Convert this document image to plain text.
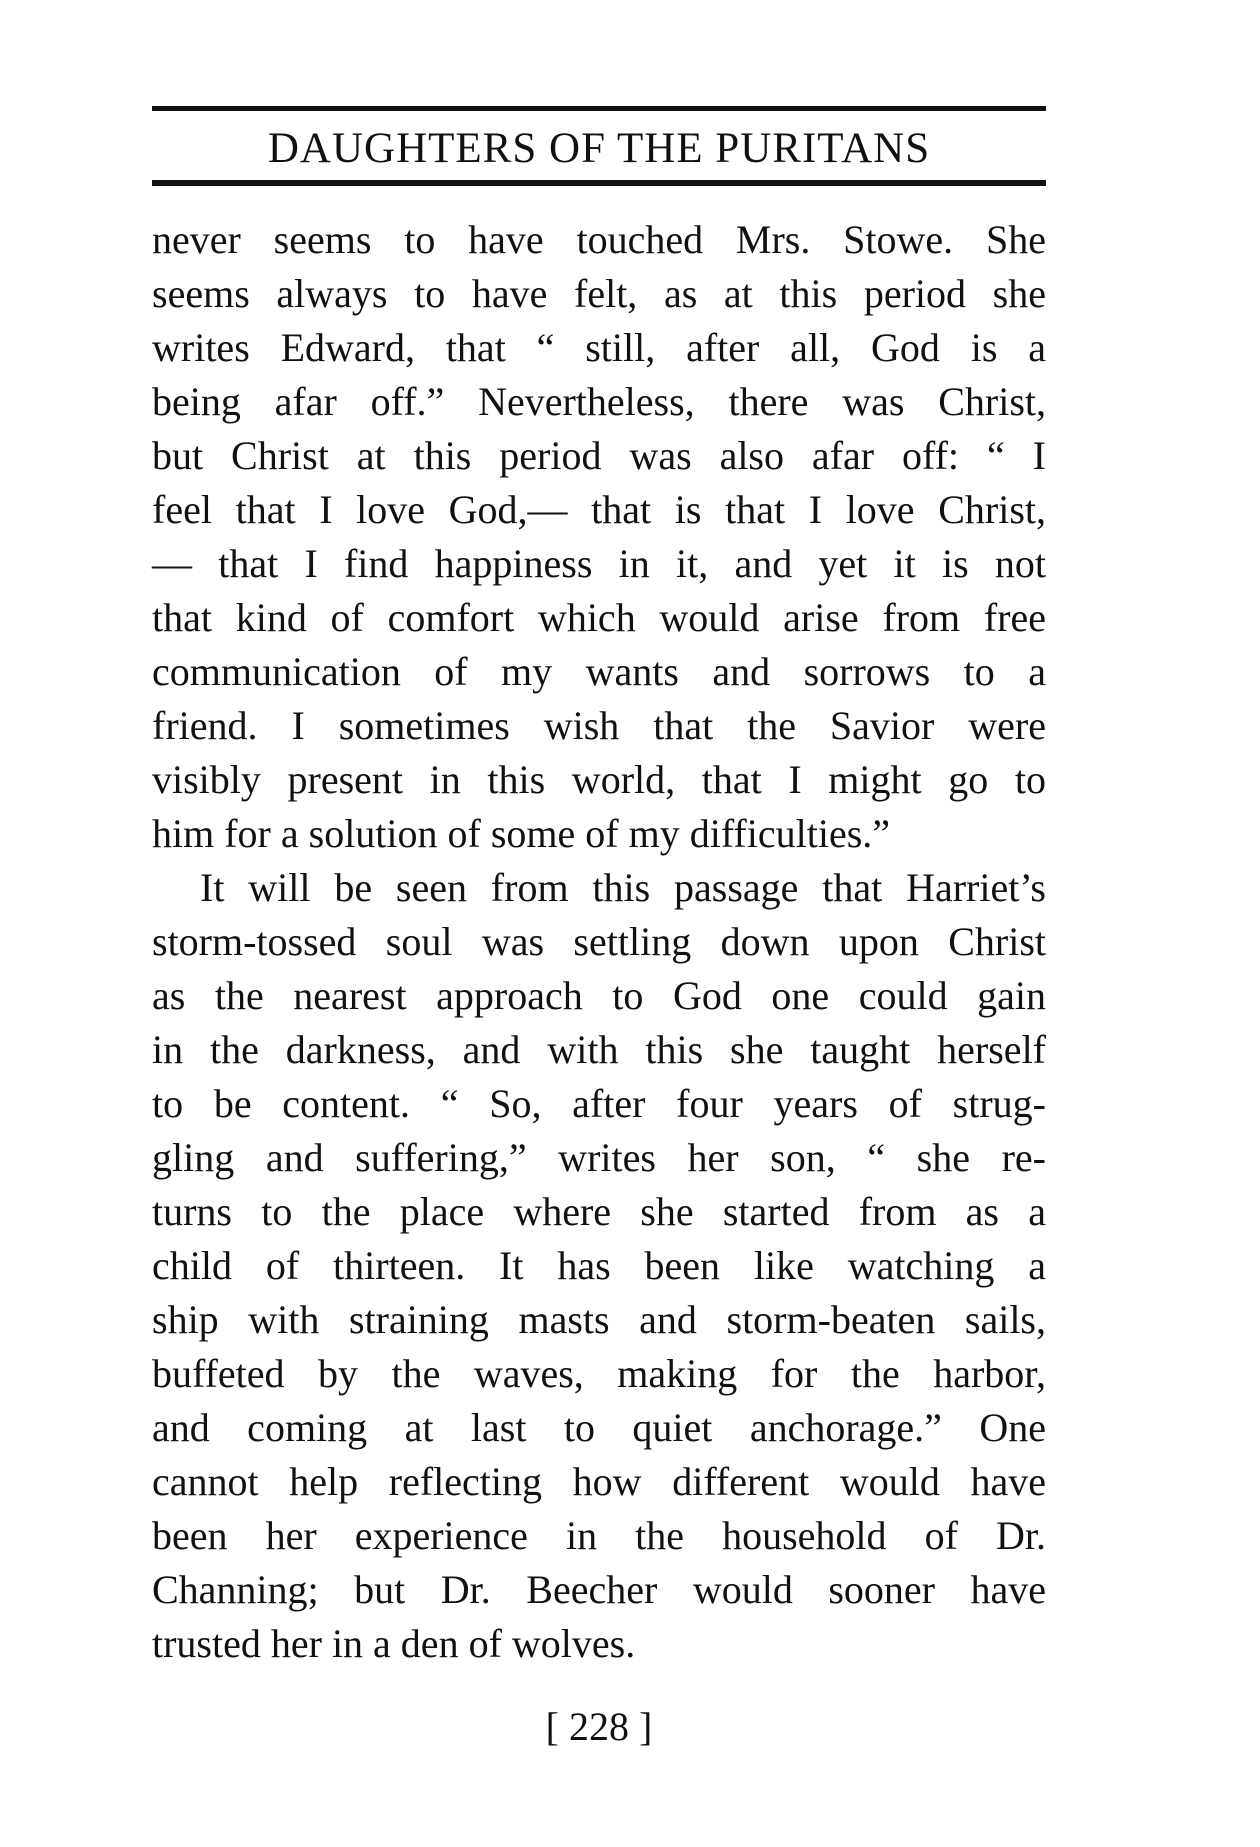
DAUGHTERS OF THE PURITANS
never seems to have touched Mrs. Stowe. She
seems always to have felt, as at this period she
writes Edward, that “ still, after all, God is a
being afar off.” Nevertheless, there was Christ,
but Christ at this period was also afar off: “ I
feel that I love God,— that is that I love Christ,
— that I find happiness in it, and yet it is not
that kind of comfort which would arise from free
communication of my wants and sorrows to a
friend. I sometimes wish that the Savior were
visibly present in this world, that I might go to
him for a solution of some of my difficulties.”
It will be seen from this passage that Harriet’s
storm-tossed soul was settling down upon Christ
as the nearest approach to God one could gain
in the darkness, and with this she taught herself
to be content. “ So, after four years of strug-
gling and suffering,” writes her son, “ she re-
turns to the place where she started from as a
child of thirteen. It has been like watching a
ship with straining masts and storm-beaten sails,
buffeted by the waves, making for the harbor,
and coming at last to quiet anchorage.” One
cannot help reflecting how different would have
been her experience in the household of Dr.
Channing; but Dr. Beecher would sooner have
trusted her in a den of wolves.
[ 228 ]
